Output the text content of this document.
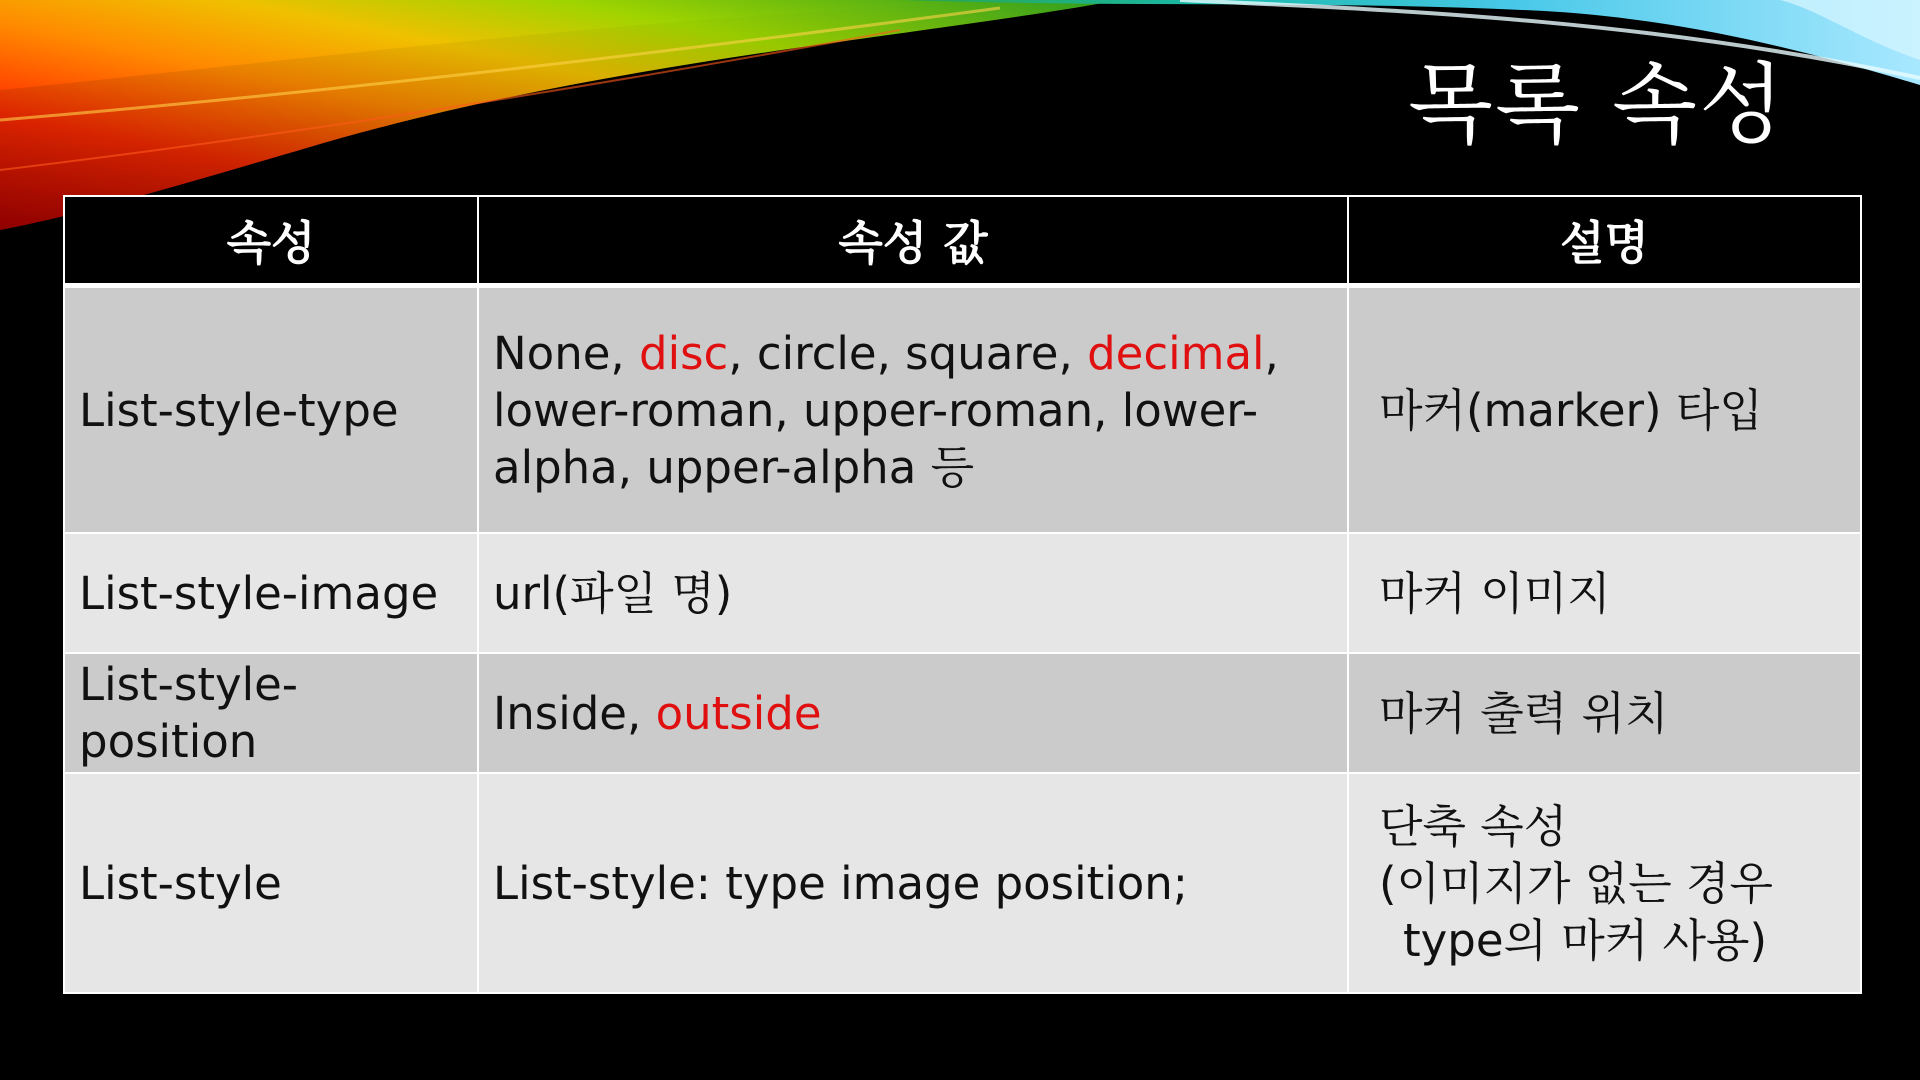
목록 속성
속성	속성 값	설명
List-style-type	None, disc, circle, square, decimal,
lower-roman, upper-roman, lower-
alpha, upper-alpha 등	마커(marker) 타입
List-style-image	url(파일 명)	마커 이미지
List-style-position	Inside, outside	마커 출력 위치
List-style	List-style: type image position;	단축 속성
(이미지가 없는 경우
type의 마커 사용)
